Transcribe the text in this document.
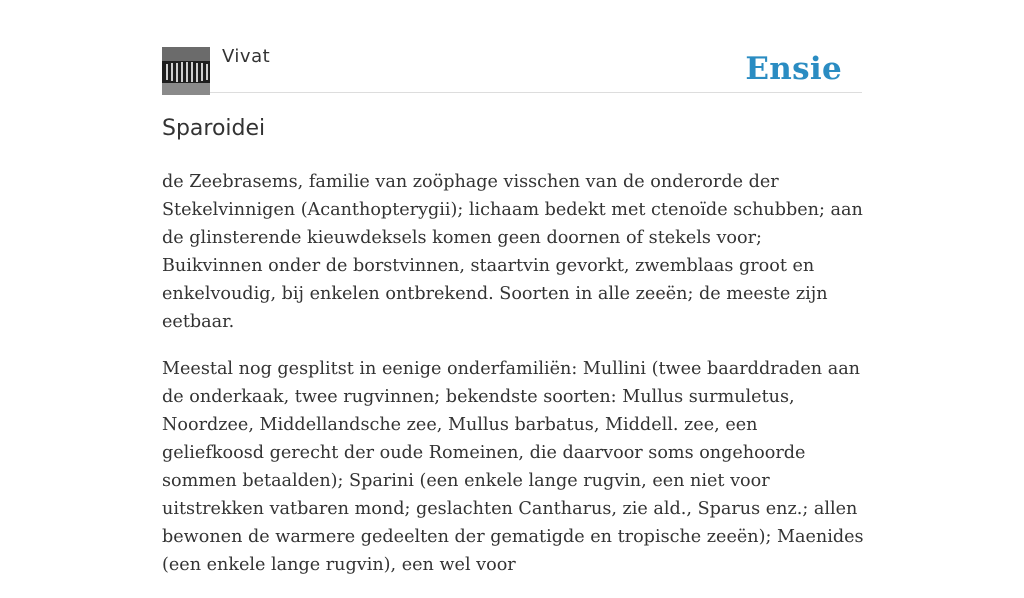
Vivat	Ensie
Sparoidei

de Zeebrasems, familie van zoöphage visschen van de onderorde der Stekelvinnigen (Acanthopterygii); lichaam bedekt met ctenoïde schubben; aan de glinsterende kieuwdeksels komen geen doornen of stekels voor; Buikvinnen onder de borstvinnen, staartvin gevorkt, zwemblaas groot en enkelvoudig, bij enkelen ontbrekend. Soorten in alle zeeën; de meeste zijn eetbaar.

Meestal nog gesplitst in eenige onderfamiliën: Mullini (twee baarddraden aan de onderkaak, twee rugvinnen; bekendste soorten: Mullus surmuletus, Noordzee, Middellandsche zee, Mullus barbatus, Middell. zee, een geliefkoosd gerecht der oude Romeinen, die daarvoor soms ongehoorde sommen betaalden); Sparini (een enkele lange rugvin, een niet voor uitstrekken vatbaren mond; geslachten Cantharus, zie ald., Sparus enz.; allen bewonen de warmere gedeelten der gematigde en tropische zeeën); Maenides (een enkele lange rugvin), een wel voor
